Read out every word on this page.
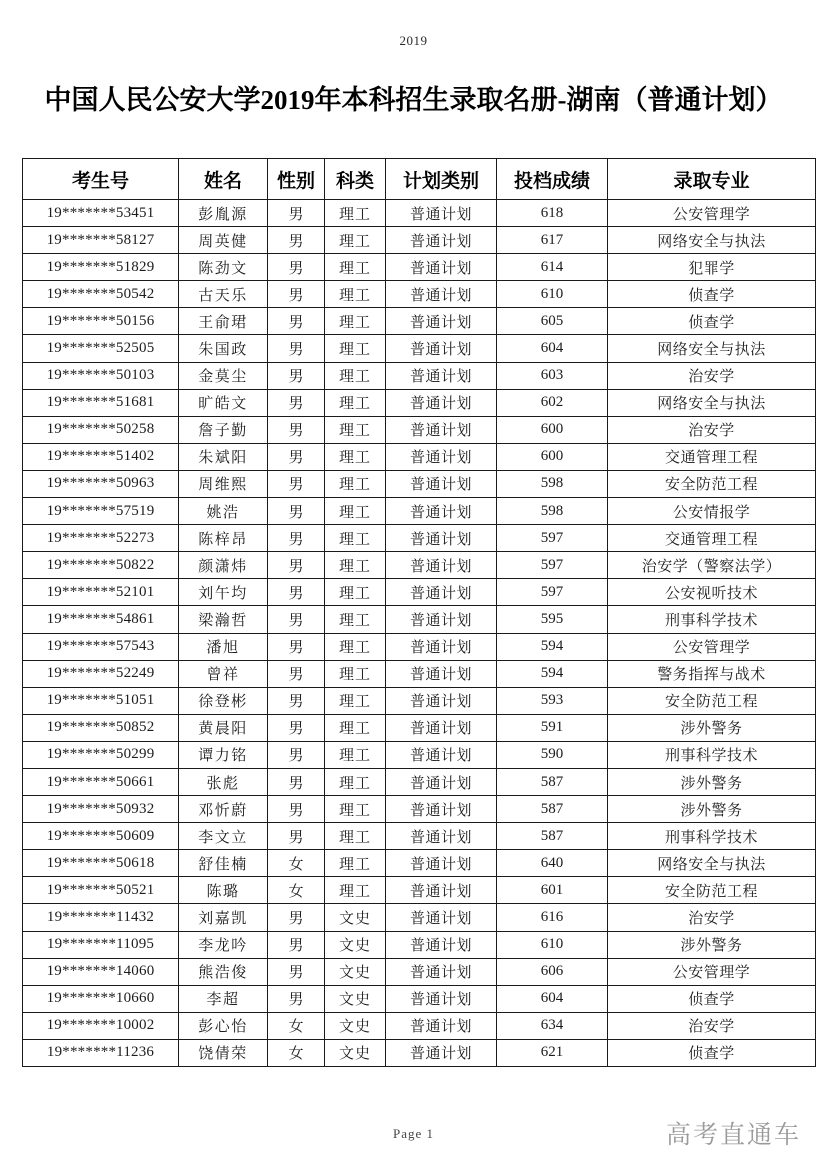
2019
中国人民公安大学2019年本科招生录取名册-湖南（普通计划）
考生号	姓名	性别	科类	计划类别	投档成绩	录取专业
19*******53451	彭胤源	男	理工	普通计划	618	公安管理学
19*******58127	周英健	男	理工	普通计划	617	网络安全与执法
19*******51829	陈劲文	男	理工	普通计划	614	犯罪学
19*******50542	古天乐	男	理工	普通计划	610	侦查学
19*******50156	王俞珺	男	理工	普通计划	605	侦查学
19*******52505	朱国政	男	理工	普通计划	604	网络安全与执法
19*******50103	金莫尘	男	理工	普通计划	603	治安学
19*******51681	旷皓文	男	理工	普通计划	602	网络安全与执法
19*******50258	詹子勤	男	理工	普通计划	600	治安学
19*******51402	朱斌阳	男	理工	普通计划	600	交通管理工程
19*******50963	周维熙	男	理工	普通计划	598	安全防范工程
19*******57519	姚浩	男	理工	普通计划	598	公安情报学
19*******52273	陈梓昂	男	理工	普通计划	597	交通管理工程
19*******50822	颜潇炜	男	理工	普通计划	597	治安学（警察法学）
19*******52101	刘午均	男	理工	普通计划	597	公安视听技术
19*******54861	梁瀚哲	男	理工	普通计划	595	刑事科学技术
19*******57543	潘旭	男	理工	普通计划	594	公安管理学
19*******52249	曾祥	男	理工	普通计划	594	警务指挥与战术
19*******51051	徐登彬	男	理工	普通计划	593	安全防范工程
19*******50852	黄晨阳	男	理工	普通计划	591	涉外警务
19*******50299	谭力铭	男	理工	普通计划	590	刑事科学技术
19*******50661	张彪	男	理工	普通计划	587	涉外警务
19*******50932	邓忻蔚	男	理工	普通计划	587	涉外警务
19*******50609	李文立	男	理工	普通计划	587	刑事科学技术
19*******50618	舒佳楠	女	理工	普通计划	640	网络安全与执法
19*******50521	陈璐	女	理工	普通计划	601	安全防范工程
19*******11432	刘嘉凯	男	文史	普通计划	616	治安学
19*******11095	李龙吟	男	文史	普通计划	610	涉外警务
19*******14060	熊浩俊	男	文史	普通计划	606	公安管理学
19*******10660	李超	男	文史	普通计划	604	侦查学
19*******10002	彭心怡	女	文史	普通计划	634	治安学
19*******11236	饶倩荣	女	文史	普通计划	621	侦查学
Page 1	高考直通车
